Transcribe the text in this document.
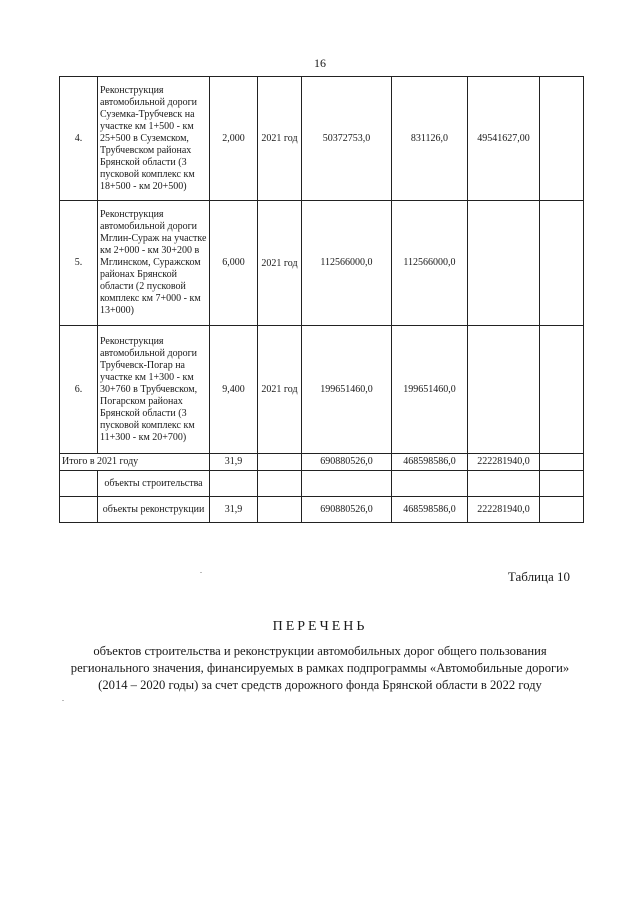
16
4.	Реконструкция автомобильной дороги Суземка-Трубчевск на участке км 1+500 - км 25+500 в Суземском, Трубчевском районах Брянской области (3 пусковой комплекс км 18+500 - км 20+500)	2,000	2021 год	50372753,0	831126,0	49541627,00	
5.	Реконструкция автомобильной дороги Мглин-Сураж на участке км 2+000 - км 30+200 в Мглинском, Суражском районах Брянской области (2 пусковой комплекс км 7+000 - км 13+000)	6,000	2021 год	112566000,0	112566000,0		
6.	Реконструкция автомобильной дороги Трубчевск-Погар на участке км 1+300 - км 30+760 в Трубчевском, Погарском районах Брянской области (3 пусковой комплекс км 11+300 - км 20+700)	9,400	2021 год	199651460,0	199651460,0		
Итого в 2021 году		31,9		690880526,0	468598586,0	222281940,0	
	объекты строительства						
	объекты реконструкции	31,9		690880526,0	468598586,0	222281940,0	
Таблица 10
ПЕРЕЧЕНЬ
объектов строительства и реконструкции автомобильных дорог общего пользования регионального значения, финансируемых в рамках подпрограммы «Автомобильные дороги» (2014 – 2020 годы) за счет средств дорожного фонда Брянской области в 2022 году
